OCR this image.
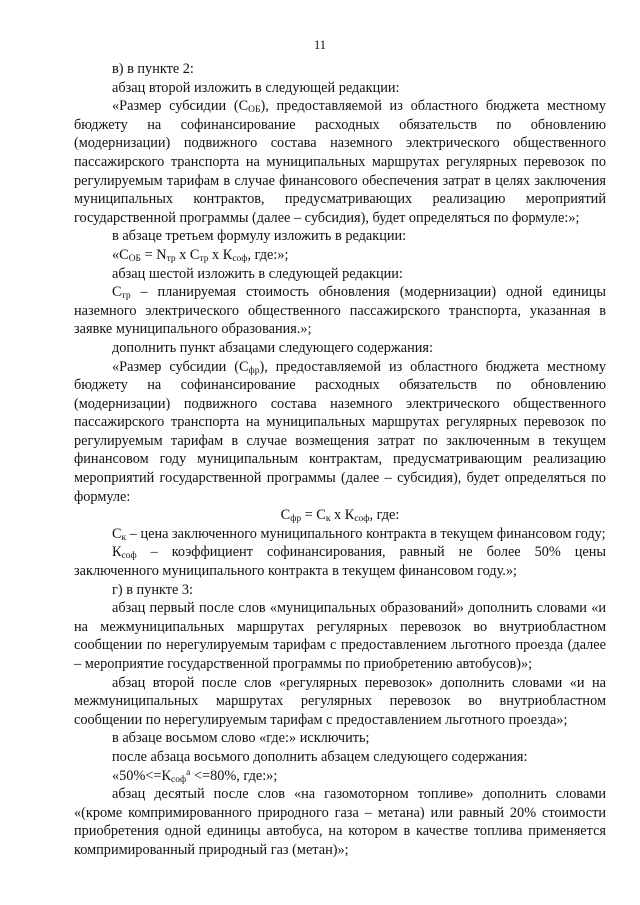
11

в) в пункте 2:

абзац второй изложить в следующей редакции:

«Размер субсидии $(С_{ОБ})$, предоставляемой из областного бюджета местному бюджету на софинансирование расходных обязательств по обновлению (модернизации) подвижного состава наземного электрического общественного пассажирского транспорта на муниципальных маршрутах регулярных перевозок по регулируемым тарифам в случае финансового обеспечения затрат в целях заключения муниципальных контрактов, предусматривающих реализацию мероприятий государственной программы (далее – субсидия), будет определяться по формуле:»;

в абзаце третьем формулу изложить в редакции:

«$С_{ОБ} = N_{тр}$ х $С_{тр}$ х $К_{соф}$, где:»;

абзац шестой изложить в следующей редакции:

$С_{тр}$ – планируемая стоимость обновления (модернизации) одной единицы наземного электрического общественного пассажирского транспорта, указанная в заявке муниципального образования.»;

дополнить пункт абзацами следующего содержания:

«Размер субсидии $(С_{фр})$, предоставляемой из областного бюджета местному бюджету на софинансирование расходных обязательств по обновлению (модернизации) подвижного состава наземного электрического общественного пассажирского транспорта на муниципальных маршрутах регулярных перевозок по регулируемым тарифам в случае возмещения затрат по заключенным в текущем финансовом году муниципальным контрактам, предусматривающим реализацию мероприятий государственной программы (далее – субсидия), будет определяться по формуле:

$С_{фр} = С_к$ х $К_{соф}$, где:

$С_к$ – цена заключенного муниципального контракта в текущем финансовом году;

$К_{соф}$ – коэффициент софинансирования, равный не более 50% цены заключенного муниципального контракта в текущем финансовом году.»;

г) в пункте 3:

абзац первый после слов «муниципальных образований» дополнить словами «и на межмуниципальных маршрутах регулярных перевозок во внутриобластном сообщении по нерегулируемым тарифам с предоставлением льготного проезда (далее – мероприятие государственной программы по приобретению автобусов)»;

абзац второй после слов «регулярных перевозок» дополнить словами «и на межмуниципальных маршрутах регулярных перевозок во внутриобластном сообщении по нерегулируемым тарифам с предоставлением льготного проезда»;

в абзаце восьмом слово «где:» исключить;

после абзаца восьмого дополнить абзацем следующего содержания:

«$50\%<=К_{соф}^а <=80\%$, где:»;

абзац десятый после слов «на газомоторном топливе» дополнить словами «(кроме компримированного природного газа – метана) или равный 20% стоимости приобретения одной единицы автобуса, на котором в качестве топлива применяется компримированный природный газ (метан)»;
